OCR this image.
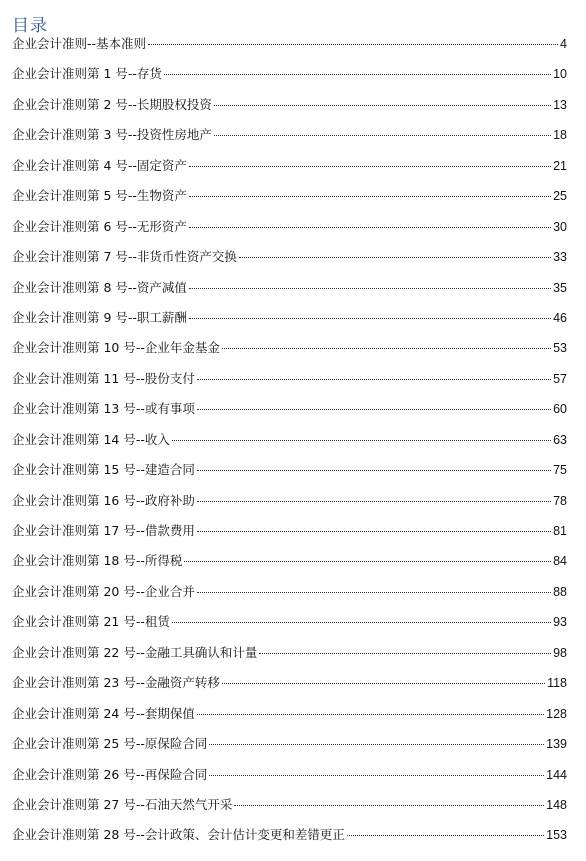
目录
企业会计准则--基本准则	4
企业会计准则第 1 号--存货	10
企业会计准则第 2 号--长期股权投资	13
企业会计准则第 3 号--投资性房地产	18
企业会计准则第 4 号--固定资产	21
企业会计准则第 5 号--生物资产	25
企业会计准则第 6 号--无形资产	30
企业会计准则第 7 号--非货币性资产交换	33
企业会计准则第 8 号--资产减值	35
企业会计准则第 9 号--职工薪酬	46
企业会计准则第 10 号--企业年金基金	53
企业会计准则第 11 号--股份支付	57
企业会计准则第 13 号--或有事项	60
企业会计准则第 14 号--收入	63
企业会计准则第 15 号--建造合同	75
企业会计准则第 16 号--政府补助	78
企业会计准则第 17 号--借款费用	81
企业会计准则第 18 号--所得税	84
企业会计准则第 20 号--企业合并	88
企业会计准则第 21 号--租赁	93
企业会计准则第 22 号--金融工具确认和计量	98
企业会计准则第 23 号--金融资产转移	118
企业会计准则第 24 号--套期保值	128
企业会计准则第 25 号--原保险合同	139
企业会计准则第 26 号--再保险合同	144
企业会计准则第 27 号--石油天然气开采	148
企业会计准则第 28 号--会计政策、会计估计变更和差错更正	153
